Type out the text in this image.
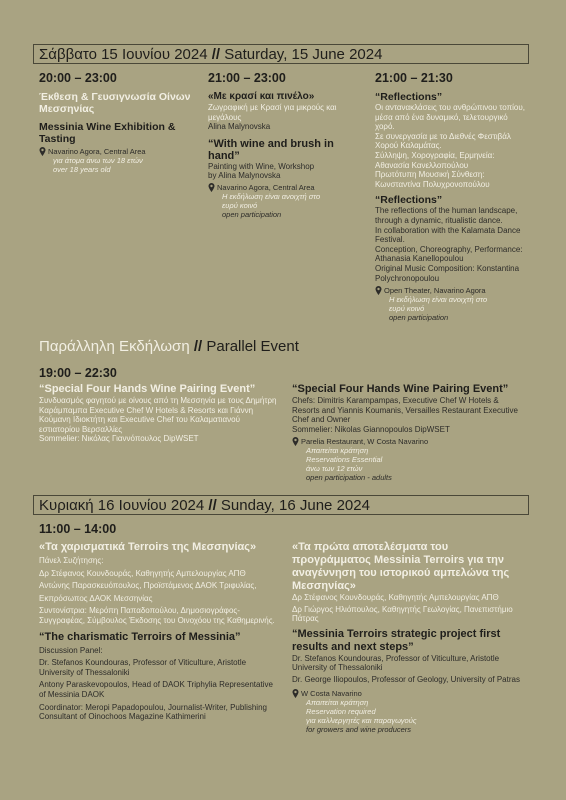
Σάββατο 15 Ιουνίου 2024 // Saturday, 15 June 2024
20:00 – 23:00
Έκθεση & Γευσιγνωσία Οίνων Μεσσηνίας
Messinia Wine Exhibition & Tasting
Navarino Agora, Central Area
για άτομα άνω των 18 ετών
over 18 years old
21:00 – 23:00
«Με κρασί και πινέλο»
Ζωγραφική με Κρασί για μικρούς και μεγάλους
Alina Malynovska
“With wine and brush in hand”
Painting with Wine, Workshop
by Alina Malynovska
Navarino Agora, Central Area
Η εκδήλωση είναι ανοιχτή στο ευρύ κοινό
open participation
21:00 – 21:30
“Reflections”
Οι αντανακλάσεις του ανθρώπινου τοπίου, μέσα από ένα δυναμικό, τελετουργικό χορό.
Σε συνεργασία με το Διεθνές Φεστιβάλ Χορού Καλαμάτας.
Σύλληψη, Χορογραφία, Ερμηνεία: Αθανασία Κανελλοπούλου
Πρωτότυπη Μουσική Σύνθεση: Κωνσταντίνα Πολυχρονοπούλου
“Reflections”
The reflections of the human landscape, through a dynamic, ritualistic dance.
In collaboration with the Kalamata Dance Festival.
Conception, Choreography, Performance: Athanasia Kanellopoulou
Original Music Composition: Konstantina Polychronopoulou
Open Theater, Navarino Agora
Η εκδήλωση είναι ανοιχτή στο ευρύ κοινό
open participation
Παράλληλη Εκδήλωση // Parallel Event
19:00 – 22:30
“Special Four Hands Wine Pairing Event”
Συνδυασμός φαγητού με οίνους από τη Μεσσηνία με τους Δημήτρη Καράμπαμπα Executive Chef W Hotels & Resorts και Γιάννη Κούμανη Ιδιοκτήτη και Executive Chef του Καλαματιανού εστιατορίου Βερσαλλίες
Sommelier: Νικόλας Γιαννόπουλος DipWSET
“Special Four Hands Wine Pairing Event”
Chefs: Dimitris Karampampas, Executive Chef W Hotels & Resorts and Yiannis Koumanis, Versailles Restaurant Executive Chef and Owner
Sommelier: Nikolas Giannopoulos DipWSET
Parelia Restaurant, W Costa Navarino
Απαιτείται κράτηση
Reservations Essential
άνω των 12 ετών
open participation - adults
Κυριακή 16 Ιουνίου 2024 // Sunday, 16 June 2024
11:00 – 14:00
«Τα χαρισματικά Terroirs της Μεσσηνίας»
Πάνελ Συζήτησης:
Δρ Στέφανος Κουνδουράς, Καθηγητής Αμπελουργίας ΑΠΘ
Αντώνης Παρασκευόπουλος, Προϊστάμενος ΔΑΟΚ Τριφυλίας,
Εκπρόσωπος ΔΑΟΚ Μεσσηνίας
Συντονίστρια: Μερόπη Παπαδοπούλου, Δημοσιογράφος-Συγγραφέας, Σύμβουλος Έκδοσης του Οινοχόου της Καθημερινής.
“The charismatic Terroirs of Messinia”
Discussion Panel:
Dr. Stefanos Koundouras, Professor of Viticulture, Aristotle University of Thessaloniki
Antony Paraskevopoulos, Head of DAOK Triphylia Representative of Messinia DAOK
Coordinator: Meropi Papadopoulou, Journalist-Writer, Publishing Consultant of Oinochoos Magazine Kathimerini
«Τα πρώτα αποτελέσματα του προγράμματος Messinia Terroirs για την αναγέννηση του ιστορικού αμπελώνα της Μεσσηνίας»
Δρ Στέφανος Κουνδουράς, Καθηγητής Αμπελουργίας ΑΠΘ
Δρ Γιώργος Ηλιόπουλος, Καθηγητής Γεωλογίας, Πανεπιστήμιο Πάτρας
“Messinia Terroirs strategic project first results and next steps”
Dr. Stefanos Koundouras, Professor of Viticulture, Aristotle University of Thessaloniki
Dr. George Iliopoulos, Professor of Geology, University of Patras
W Costa Navarino
Απαιτείται κράτηση
Reservation required
για καλλιεργητές και παραγωγούς
for growers and wine producers
